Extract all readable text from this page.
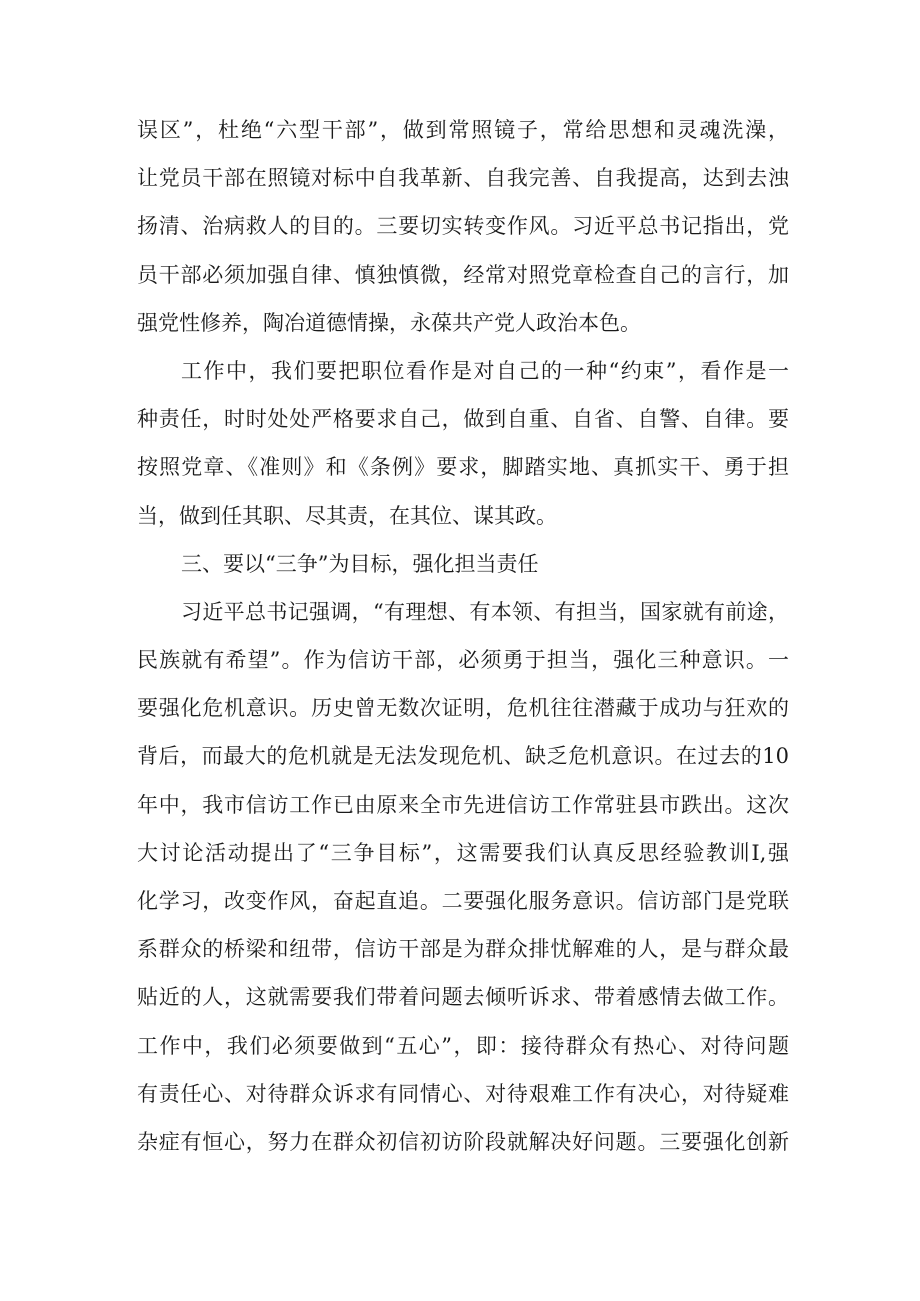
误区”，杜绝“六型干部”，做到常照镜子，常给思想和灵魂洗澡，
让党员干部在照镜对标中自我革新、自我完善、自我提高，达到去浊
扬清、治病救人的目的。三要切实转变作风。习近平总书记指出，党
员干部必须加强自律、慎独慎微，经常对照党章检查自己的言行，加
强党性修养，陶冶道德情操，永葆共产党人政治本色。
工作中，我们要把职位看作是对自己的一种“约束”，看作是一
种责任，时时处处严格要求自己，做到自重、自省、自警、自律。要
按照党章、《准则》和《条例》要求，脚踏实地、真抓实干、勇于担
当，做到任其职、尽其责，在其位、谋其政。
三、要以“三争”为目标，强化担当责任
习近平总书记强调，“有理想、有本领、有担当，国家就有前途，
民族就有希望”。作为信访干部，必须勇于担当，强化三种意识。一
要强化危机意识。历史曾无数次证明，危机往往潜藏于成功与狂欢的
背后，而最大的危机就是无法发现危机、缺乏危机意识。在过去的10
年中，我市信访工作已由原来全市先进信访工作常驻县市跌出。这次
大讨论活动提出了“三争目标”，这需要我们认真反思经验教训I,强
化学习，改变作风，奋起直追。二要强化服务意识。信访部门是党联
系群众的桥梁和纽带，信访干部是为群众排忧解难的人，是与群众最
贴近的人，这就需要我们带着问题去倾听诉求、带着感情去做工作。
工作中，我们必须要做到“五心”，即：接待群众有热心、对待问题
有责任心、对待群众诉求有同情心、对待艰难工作有决心，对待疑难
杂症有恒心，努力在群众初信初访阶段就解决好问题。三要强化创新
